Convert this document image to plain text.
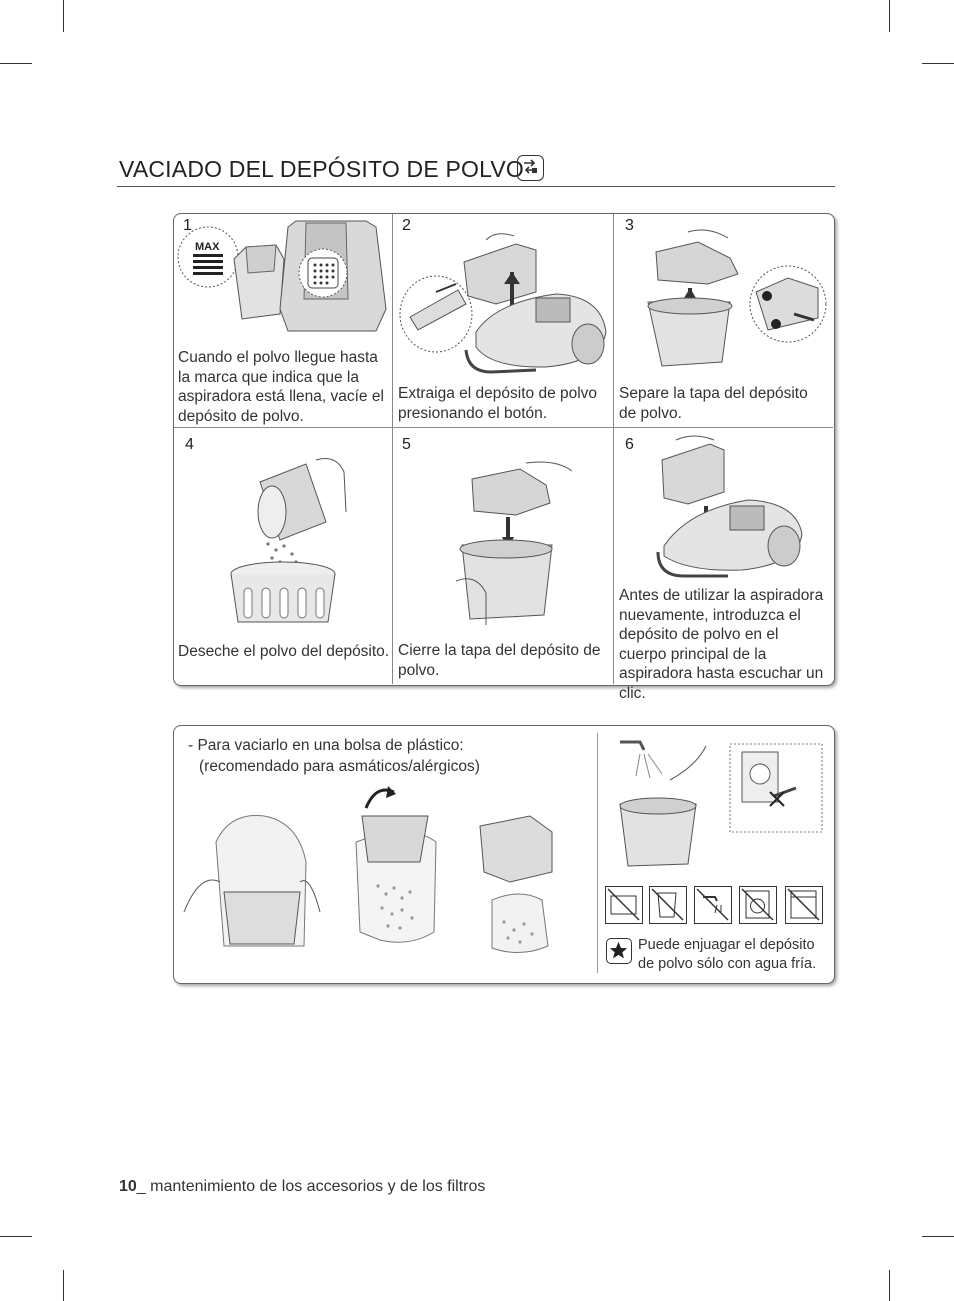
VACIADO DEL DEPÓSITO DE POLVO
1
MAX
Cuando el polvo llegue hasta la marca que indica que la aspiradora está llena, vacíe el depósito de polvo.
2
Extraiga el depósito de polvo presionando el botón.
3
Separe la tapa del depósito de polvo.
4
Deseche el polvo del depósito.
5
Cierre la tapa del depósito de polvo.
6
Antes de utilizar la aspiradora nuevamente, introduzca el depósito de polvo en el cuerpo principal de la aspiradora hasta escuchar un clic.
- Para vaciarlo en una bolsa de plástico:
(recomendado para asmáticos/alérgicos)
Puede enjuagar el depósito de polvo sólo con agua fría.
10_ mantenimiento de los accesorios y de los filtros
